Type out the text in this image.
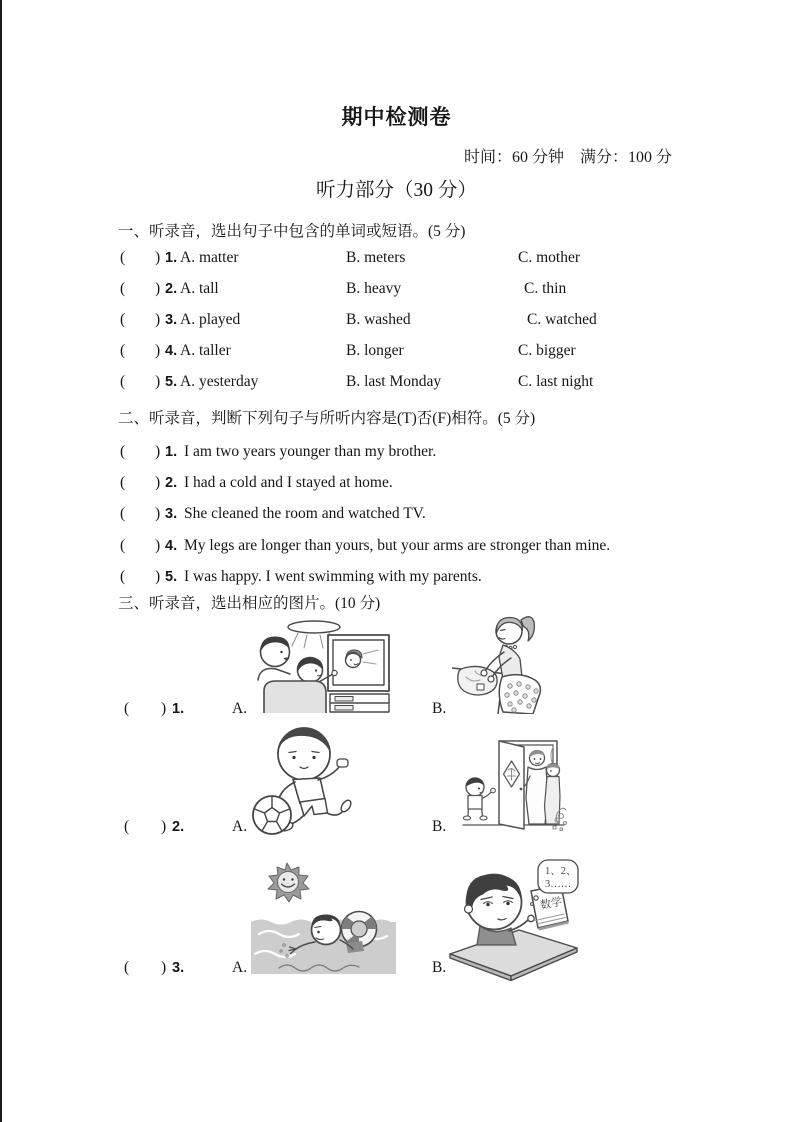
期中检测卷
时间：60 分钟　满分：100 分
听力部分（30 分）
一、听录音，选出句子中包含的单词或短语。(5 分)
( ) 1. A. matter	B. meters	C. mother
( ) 2. A. tall	B. heavy	C. thin
( ) 3. A. played	B. washed	C. watched
( ) 4. A. taller	B. longer	C. bigger
( ) 5. A. yesterday	B. last Monday	C. last night
二、听录音，判断下列句子与所听内容是(T)否(F)相符。(5 分)
( ) 1. I am two years younger than my brother.
( ) 2. I had a cold and I stayed at home.
( ) 3. She cleaned the room and watched TV.
( ) 4. My legs are longer than yours, but your arms are stronger than mine.
( ) 5. I was happy. I went swimming with my parents.
三、听录音，选出相应的图片。(10 分)
( ) 1.	A.	B.
( ) 2.	A.	B.
数学
1、2、
3……
( ) 3.	A.	B.
